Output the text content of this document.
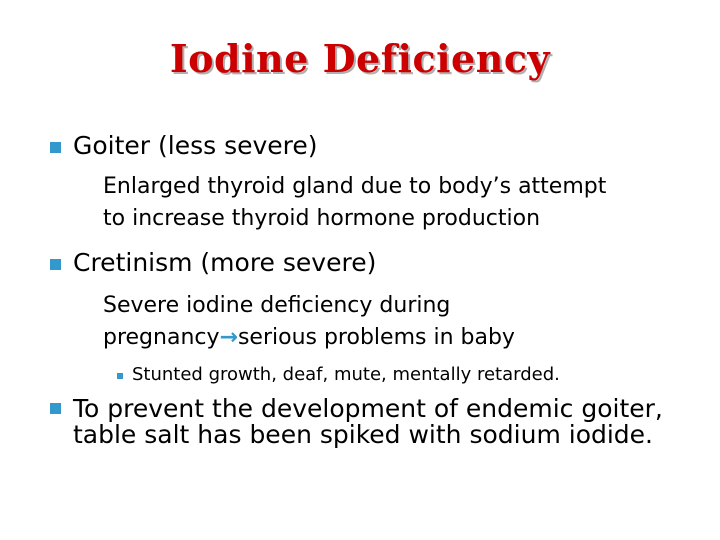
Iodine Deficiency
Goiter (less severe)
Enlarged thyroid gland due to body’s attempt
to increase thyroid hormone production
Cretinism (more severe)
Severe iodine deficiency during
pregnancy→serious problems in baby
Stunted growth, deaf, mute, mentally retarded.
To prevent the development of endemic goiter,
table salt has been spiked with sodium iodide.
